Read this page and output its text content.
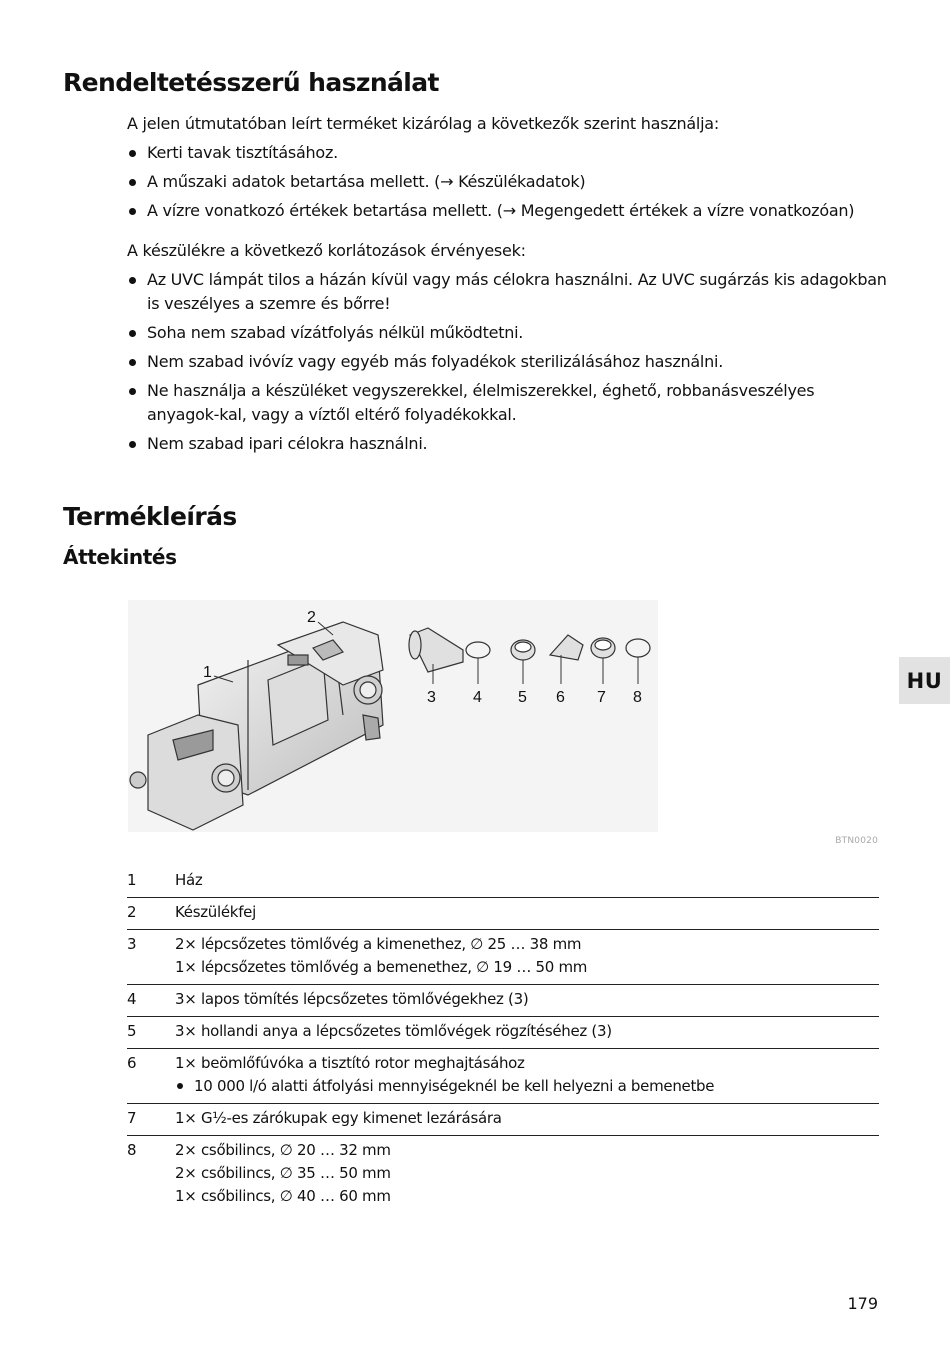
Rendeltetésszerű használat

A jelen útmutatóban leírt terméket kizárólag a következők szerint használja:

Kerti tavak tisztításához.
A műszaki adatok betartása mellett. (→ Készülékadatok)
A vízre vonatkozó értékek betartása mellett. (→ Megengedett értékek a vízre vonatkozóan)

A készülékre a következő korlátozások érvényesek:

Az UVC lámpát tilos a házán kívül vagy más célokra használni. Az UVC sugárzás kis adagokban is veszélyes a szemre és bőrre!
Soha nem szabad vízátfolyás nélkül működtetni.
Nem szabad ivóvíz vagy egyéb más folyadékok sterilizálásához használni.
Ne használja a készüléket vegyszerekkel, élelmiszerekkel, éghető, robbanásveszélyes anyagok-kal, vagy a víztől eltérő folyadékokkal.
Nem szabad ipari célokra használni.
Termékleírás
Áttekintés
HU
1
2
3 4 5 6 7 8
BTN0020
1	Ház
2	Készülékfej
3	2× lépcsőzetes tömlővég a kimenethez, ∅ 25 … 38 mm
1× lépcsőzetes tömlővég a bemenethez, ∅ 19 … 50 mm
4	3× lapos tömítés lépcsőzetes tömlővégekhez (3)
5	3× hollandi anya a lépcsőzetes tömlővégek rögzítéséhez (3)
6	1× beömlőfúvóka a tisztító rotor meghajtásához
10 000 l/ó alatti átfolyási mennyiségeknél be kell helyezni a bemenetbe
7	1× G½-es zárókupak egy kimenet lezárására
8	2× csőbilincs, ∅ 20 … 32 mm
2× csőbilincs, ∅ 35 … 50 mm
1× csőbilincs, ∅ 40 … 60 mm
179
